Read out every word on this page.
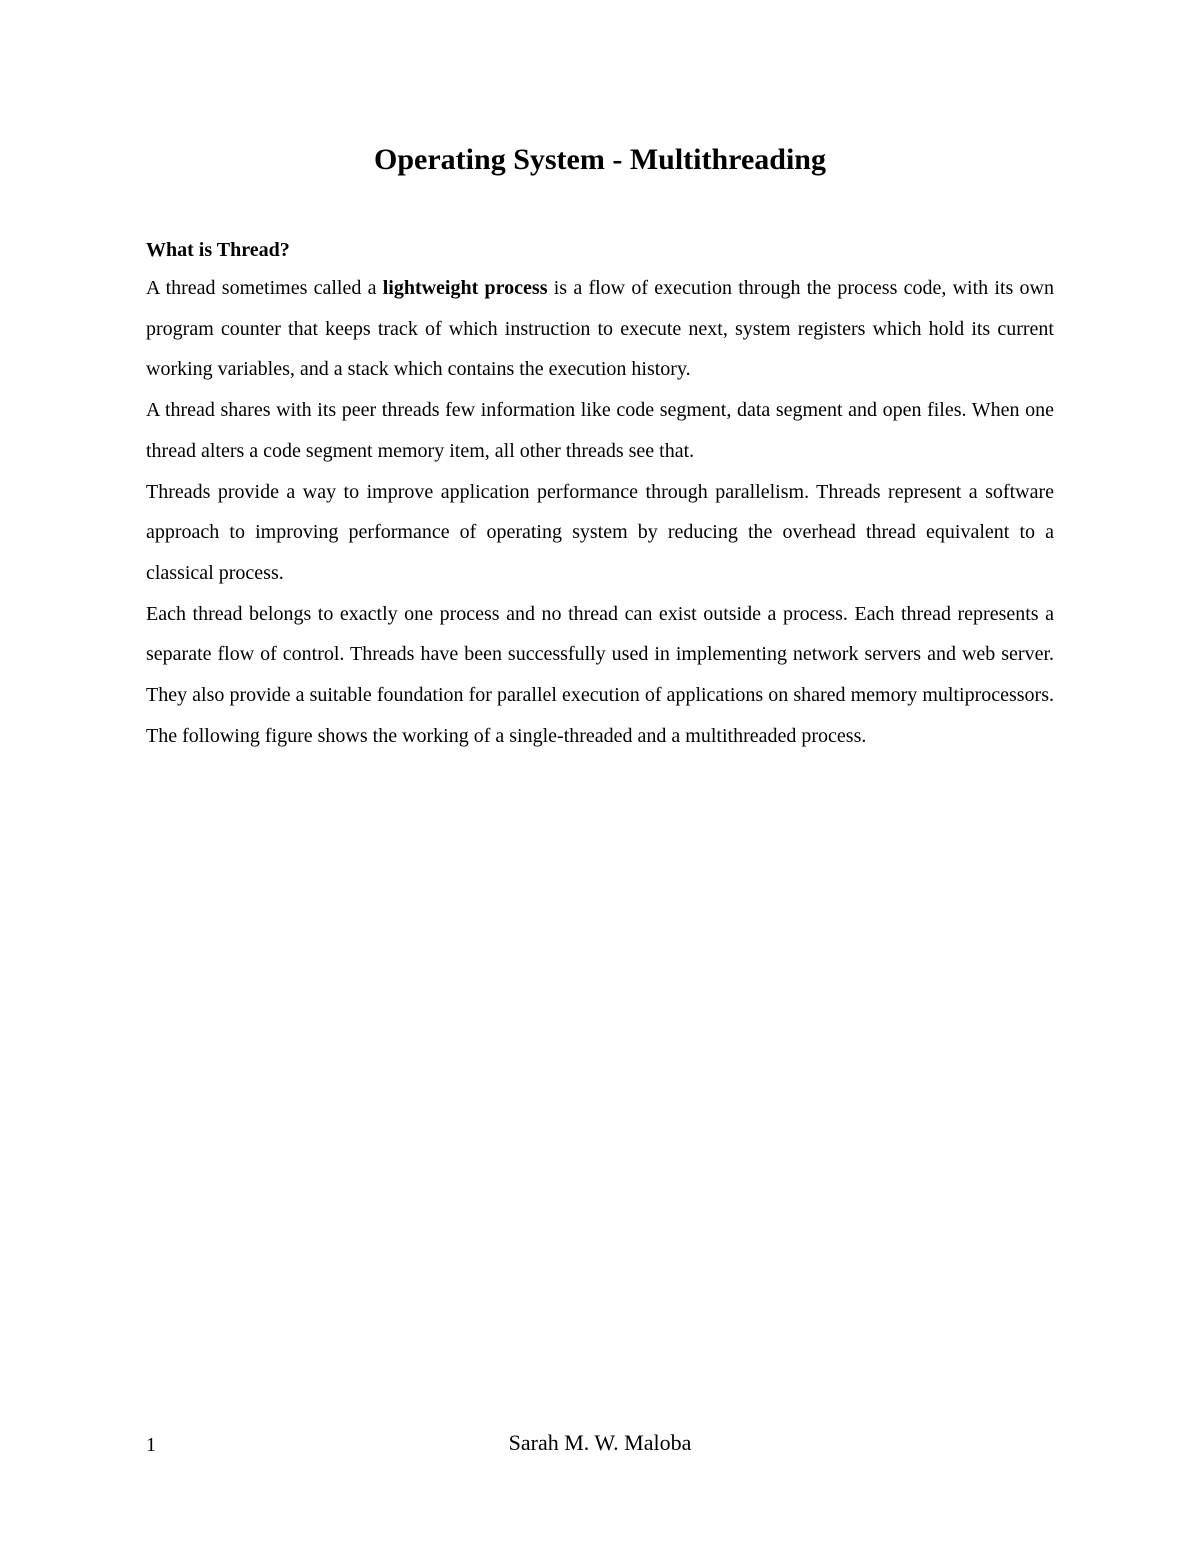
Operating System - Multithreading

What is Thread?

A thread sometimes called a lightweight process is a flow of execution through the process code, with its own program counter that keeps track of which instruction to execute next, system registers which hold its current working variables, and a stack which contains the execution history.

A thread shares with its peer threads few information like code segment, data segment and open files. When one thread alters a code segment memory item, all other threads see that.

Threads provide a way to improve application performance through parallelism. Threads represent a software approach to improving performance of operating system by reducing the overhead thread equivalent to a classical process.

Each thread belongs to exactly one process and no thread can exist outside a process. Each thread represents a separate flow of control. Threads have been successfully used in implementing network servers and web server. They also provide a suitable foundation for parallel execution of applications on shared memory multiprocessors. The following figure shows the working of a single-threaded and a multithreaded process.

1	Sarah M. W. Maloba
